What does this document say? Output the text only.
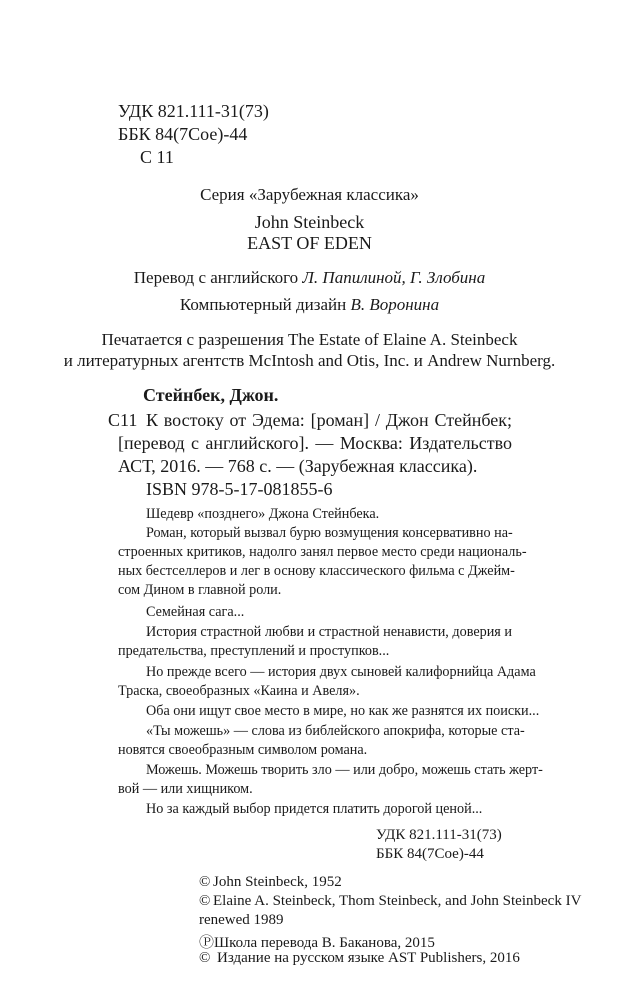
УДК 821.111-31(73)
ББК 84(7Сое)-44
С 11
Серия «Зарубежная классика»
John Steinbeck
EAST OF EDEN
Перевод с английского Л. Папилиной, Г. Злобина
Компьютерный дизайн В. Воронина
Печатается с разрешения The Estate of Elaine A. Steinbeck
и литературных агентств McIntosh and Otis, Inc. и Andrew Nurnberg.
Стейнбек, Джон.
С11 К востоку от Эдема: [роман] / Джон Стейнбек;
[перевод с английского]. — Москва: Издательство
АСТ, 2016. — 768 с. — (Зарубежная классика).
ISBN 978-5-17-081855-6
Шедевр «позднего» Джона Стейнбека.
Роман, который вызвал бурю возмущения консервативно на-
строенных критиков, надолго занял первое место среди националь-
ных бестселлеров и лег в основу классического фильма с Джейм-
сом Дином в главной роли.
Семейная сага...
История страстной любви и страстной ненависти, доверия и
предательства, преступлений и проступков...
Но прежде всего — история двух сыновей калифорнийца Адама
Траска, своеобразных «Каина и Авеля».
Оба они ищут свое место в мире, но как же разнятся их поиски...
«Ты можешь» — слова из библейского апокрифа, которые ста-
новятся своеобразным символом романа.
Можешь. Можешь творить зло — или добро, можешь стать жерт-
вой — или хищником.
Но за каждый выбор придется платить дорогой ценой...
УДК 821.111-31(73)
ББК 84(7Сое)-44
© John Steinbeck, 1952
© Elaine A. Steinbeck, Thom Steinbeck, and John Steinbeck IV
renewed 1989
ⓅШкола перевода В. Баканова, 2015
© Издание на русском языке AST Publishers, 2016
